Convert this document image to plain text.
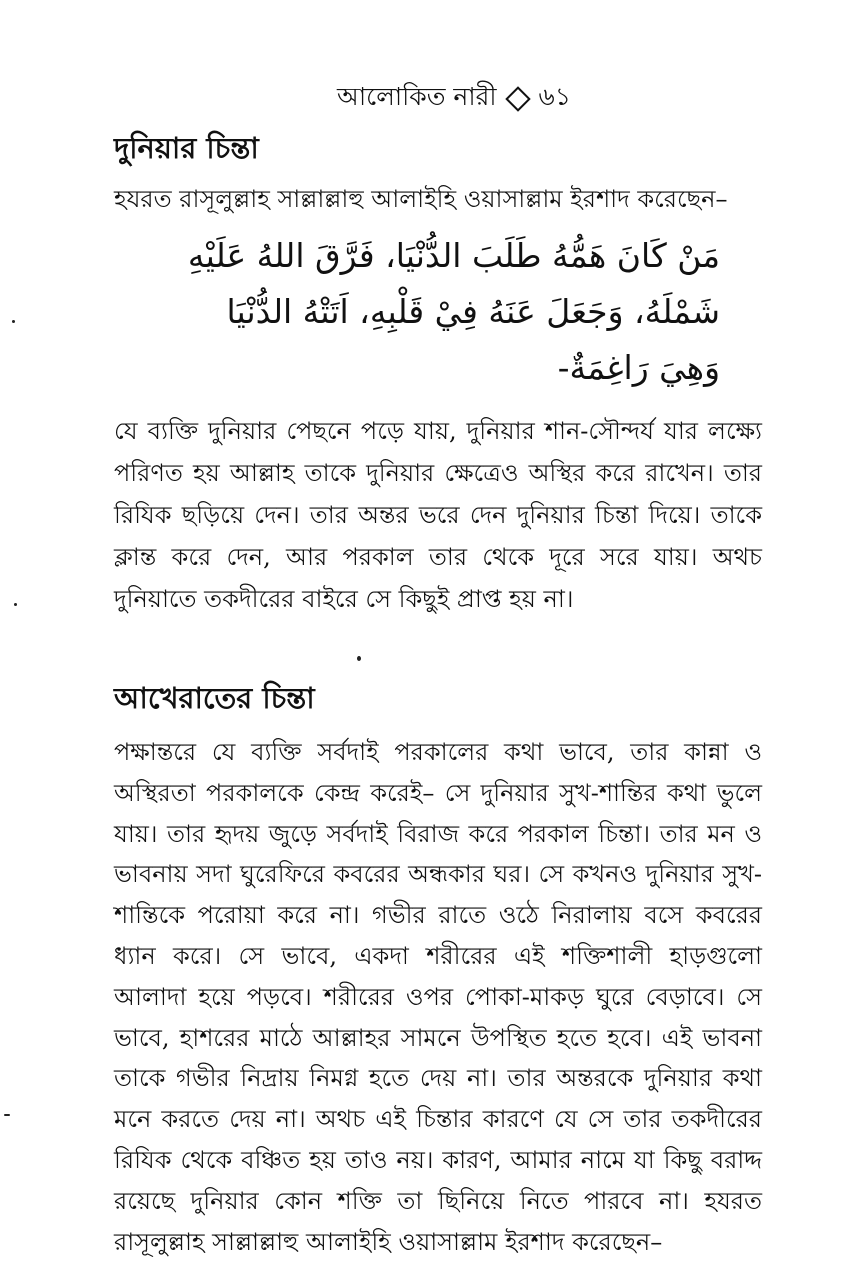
আলোকিত নারী ৬১
দুনিয়ার চিন্তা

হযরত রাসূলুল্লাহ সাল্লাল্লাহু আলাইহি ওয়াসাল্লাম ইরশাদ করেছেন–

مَنْ كَانَ هَمُّهُ طَلَبَ الدُّنْيَا، فَرَّقَ اللهُ عَلَيْهِ شَمْلَهُ، وَجَعَلَ عَنَهُ فِيْ قَلْبِهِ، اَتَتْهُ الدُّنْيَا وَهِيَ رَاغِمَةٌ-

যে ব্যক্তি দুনিয়ার পেছনে পড়ে যায়, দুনিয়ার শান-সৌন্দর্য যার লক্ষ্যে পরিণত হয় আল্লাহ তাকে দুনিয়ার ক্ষেত্রেও অস্থির করে রাখেন। তার রিযিক ছড়িয়ে দেন। তার অন্তর ভরে দেন দুনিয়ার চিন্তা দিয়ে। তাকে ক্লান্ত করে দেন, আর পরকাল তার থেকে দূরে সরে যায়। অথচ দুনিয়াতে তকদীরের বাইরে সে কিছুই প্রাপ্ত হয় না।

আখেরাতের চিন্তা

পক্ষান্তরে যে ব্যক্তি সর্বদাই পরকালের কথা ভাবে, তার কান্না ও অস্থিরতা পরকালকে কেন্দ্র করেই– সে দুনিয়ার সুখ-শান্তির কথা ভুলে যায়। তার হৃদয় জুড়ে সর্বদাই বিরাজ করে পরকাল চিন্তা। তার মন ও ভাবনায় সদা ঘুরেফিরে কবরের অন্ধকার ঘর। সে কখনও দুনিয়ার সুখ-শান্তিকে পরোয়া করে না। গভীর রাতে ওঠে নিরালায় বসে কবরের ধ্যান করে। সে ভাবে, একদা শরীরের এই শক্তিশালী হাড়গুলো আলাদা হয়ে পড়বে। শরীরের ওপর পোকা-মাকড় ঘুরে বেড়াবে। সে ভাবে, হাশরের মাঠে আল্লাহর সামনে উপস্থিত হতে হবে। এই ভাবনা তাকে গভীর নিদ্রায় নিমগ্ন হতে দেয় না। তার অন্তরকে দুনিয়ার কথা মনে করতে দেয় না। অথচ এই চিন্তার কারণে যে সে তার তকদীরের রিযিক থেকে বঞ্চিত হয় তাও নয়। কারণ, আমার নামে যা কিছু বরাদ্দ রয়েছে দুনিয়ার কোন শক্তি তা ছিনিয়ে নিতে পারবে না। হযরত রাসূলুল্লাহ সাল্লাল্লাহু আলাইহি ওয়াসাল্লাম ইরশাদ করেছেন–
